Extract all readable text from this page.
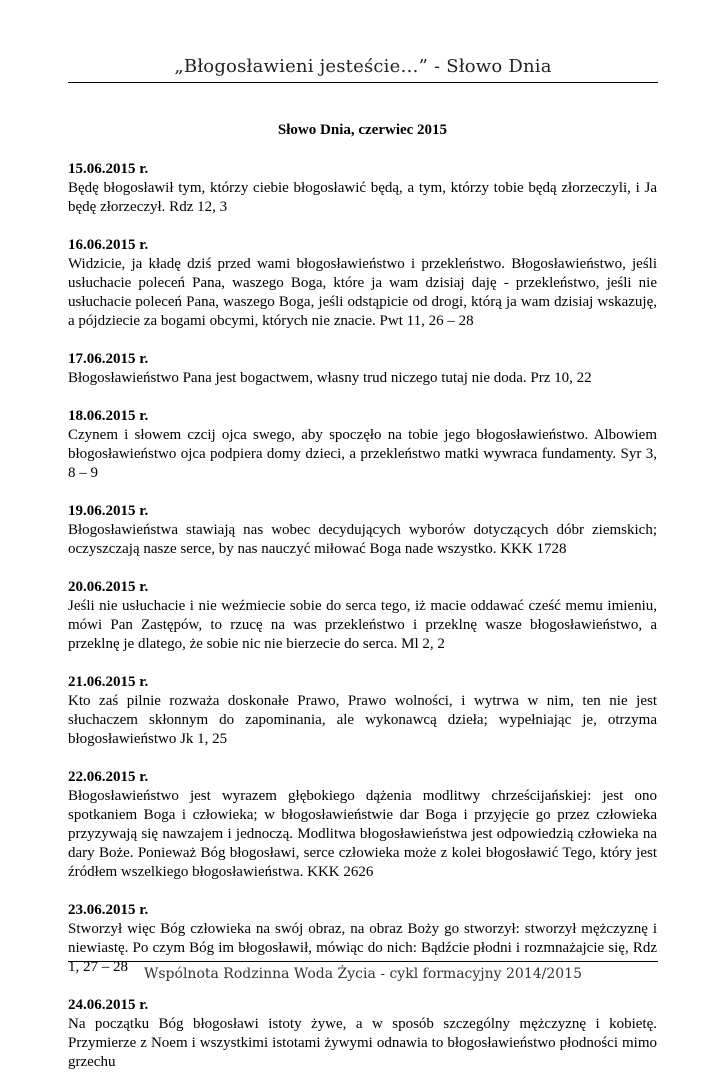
„Błogosławieni jesteście…” - Słowo Dnia
Słowo Dnia, czerwiec 2015
15.06.2015 r.
Będę błogosławił tym, którzy ciebie błogosławić będą, a tym, którzy tobie będą złorzeczyli, i Ja będę złorzeczył. Rdz 12, 3
16.06.2015 r.
Widzicie, ja kładę dziś przed wami błogosławieństwo i przekleństwo. Błogosławieństwo, jeśli usłuchacie poleceń Pana, waszego Boga, które ja wam dzisiaj daję - przekleństwo, jeśli nie usłuchacie poleceń Pana, waszego Boga, jeśli odstąpicie od drogi, którą ja wam dzisiaj wskazuję, a pójdziecie za bogami obcymi, których nie znacie. Pwt 11, 26 – 28
17.06.2015 r.
Błogosławieństwo Pana jest bogactwem, własny trud niczego tutaj nie doda. Prz 10, 22
18.06.2015 r.
Czynem i słowem czcij ojca swego, aby spoczęło na tobie jego błogosławieństwo. Albowiem błogosławieństwo ojca podpiera domy dzieci, a przekleństwo matki wywraca fundamenty. Syr 3, 8 – 9
19.06.2015 r.
Błogosławieństwa stawiają nas wobec decydujących wyborów dotyczących dóbr ziemskich; oczyszczają nasze serce, by nas nauczyć miłować Boga nade wszystko. KKK 1728
20.06.2015 r.
Jeśli nie usłuchacie i nie weźmiecie sobie do serca tego, iż macie oddawać cześć memu imieniu, mówi Pan Zastępów, to rzucę na was przekleństwo i przeklnę wasze błogosławieństwo, a przeklnę je dlatego, że sobie nic nie bierzecie do serca. Ml 2, 2
21.06.2015 r.
Kto zaś pilnie rozważa doskonałe Prawo, Prawo wolności, i wytrwa w nim, ten nie jest słuchaczem skłonnym do zapominania, ale wykonawcą dzieła; wypełniając je, otrzyma błogosławieństwo Jk 1, 25
22.06.2015 r.
Błogosławieństwo jest wyrazem głębokiego dążenia modlitwy chrześcijańskiej: jest ono spotkaniem Boga i człowieka; w błogosławieństwie dar Boga i przyjęcie go przez człowieka przyzywają się nawzajem i jednoczą. Modlitwa błogosławieństwa jest odpowiedzią człowieka na dary Boże. Ponieważ Bóg błogosławi, serce człowieka może z kolei błogosławić Tego, który jest źródłem wszelkiego błogosławieństwa. KKK 2626
23.06.2015 r.
Stworzył więc Bóg człowieka na swój obraz, na obraz Boży go stworzył: stworzył mężczyznę i niewiastę. Po czym Bóg im błogosławił, mówiąc do nich: Bądźcie płodni i rozmnażajcie się, Rdz 1, 27 – 28
24.06.2015 r.
Na początku Bóg błogosławi istoty żywe, a w sposób szczególny mężczyznę i kobietę. Przymierze z Noem i wszystkimi istotami żywymi odnawia to błogosławieństwo płodności mimo grzechu
Wspólnota Rodzinna Woda Życia - cykl formacyjny 2014/2015
